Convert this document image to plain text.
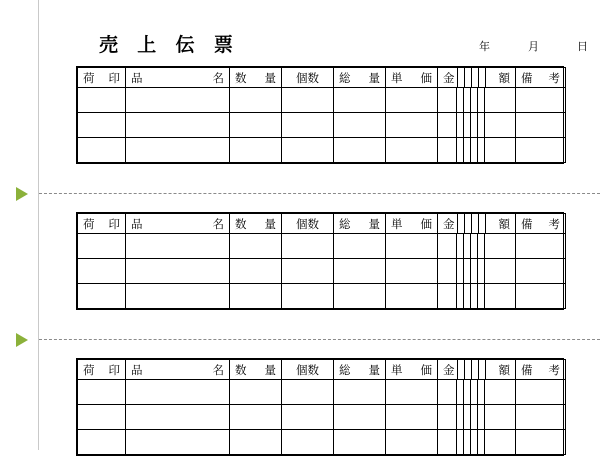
売 上 伝 票	年	月	日
荷 印	品 名	数 量	個 数	総 量	単 価	金 額	備 考

荷 印	品 名	数 量	個 数	総 量	単 価	金 額	備 考

荷 印	品 名	数 量	個 数	総 量	単 価	金 額	備 考
